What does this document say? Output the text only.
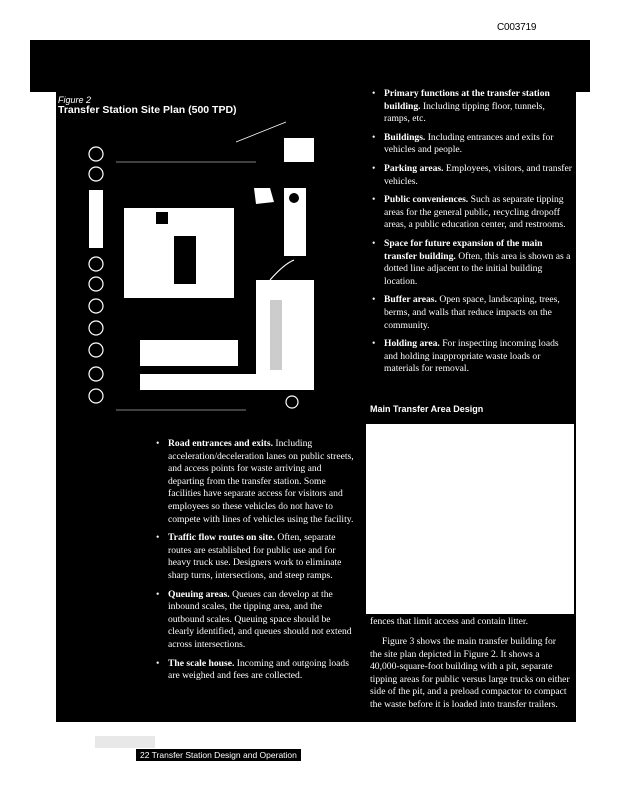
C003719
Figure 2
Transfer Station Site Plan (500 TPD)
• Primary functions at the transfer station building. Including tipping floor, tunnels, ramps, etc.
• Buildings. Including entrances and exits for vehicles and people.
• Parking areas. Employees, visitors, and transfer vehicles.
• Public conveniences. Such as separate tipping areas for the general public, recycling dropoff areas, a public education center, and restrooms.
• Space for future expansion of the main transfer building. Often, this area is shown as a dotted line adjacent to the initial building location.
• Buffer areas. Open space, landscaping, trees, berms, and walls that reduce impacts on the community.
• Holding area. For inspecting incoming loads and holding inappropriate waste loads or materials for removal.
Main Transfer Area Design
fences that limit access and contain litter.
Figure 3 shows the main transfer building for the site plan depicted in Figure 2. It shows a 40,000-square-foot building with a pit, separate tipping areas for public versus large trucks on either side of the pit, and a preload compactor to compact the waste before it is loaded into transfer trailers.
• Road entrances and exits. Including acceleration/deceleration lanes on public streets, and access points for waste arriving and departing from the transfer station. Some facilities have separate access for visitors and employees so these vehicles do not have to compete with lines of vehicles using the facility.
• Traffic flow routes on site. Often, separate routes are established for public use and for heavy truck use. Designers work to eliminate sharp turns, intersections, and steep ramps.
• Queuing areas. Queues can develop at the inbound scales, the tipping area, and the outbound scales. Queuing space should be clearly identified, and queues should not extend across intersections.
• The scale house. Incoming and outgoing loads are weighed and fees are collected.
22 Transfer Station Design and Operation
